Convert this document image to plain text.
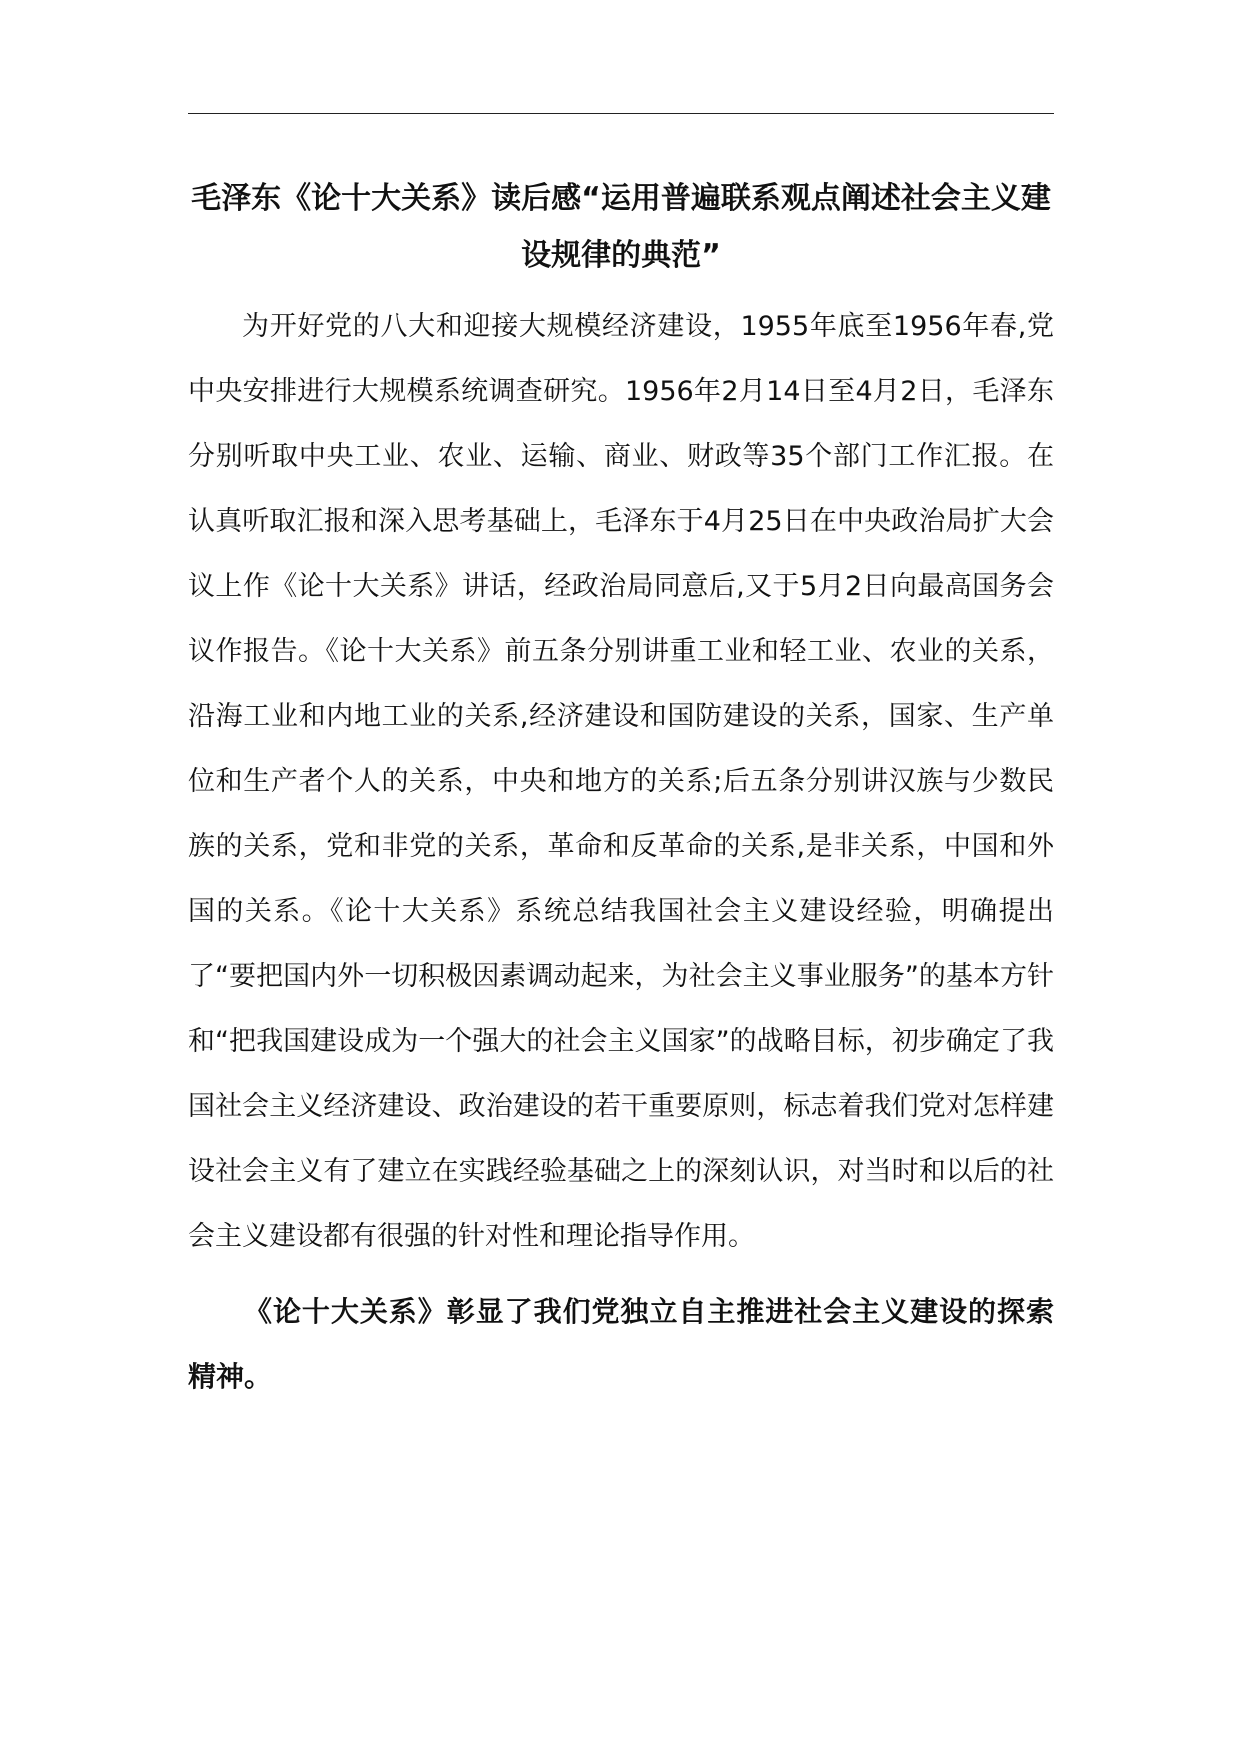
毛泽东《论十大关系》读后感“运用普遍联系观点阐述社会主义建设规律的典范”

为开好党的八大和迎接大规模经济建设，1955年底至1956年春,党中央安排进行大规模系统调查研究。1956年2月14日至4月2日，毛泽东分别听取中央工业、农业、运输、商业、财政等35个部门工作汇报。在认真听取汇报和深入思考基础上，毛泽东于4月25日在中央政治局扩大会议上作《论十大关系》讲话，经政治局同意后,又于5月2日向最高国务会议作报告。《论十大关系》前五条分别讲重工业和轻工业、农业的关系，沿海工业和内地工业的关系,经济建设和国防建设的关系，国家、生产单位和生产者个人的关系，中央和地方的关系;后五条分别讲汉族与少数民族的关系，党和非党的关系，革命和反革命的关系,是非关系，中国和外国的关系。《论十大关系》系统总结我国社会主义建设经验，明确提出了“要把国内外一切积极因素调动起来，为社会主义事业服务”的基本方针和“把我国建设成为一个强大的社会主义国家”的战略目标，初步确定了我国社会主义经济建设、政治建设的若干重要原则，标志着我们党对怎样建设社会主义有了建立在实践经验基础之上的深刻认识，对当时和以后的社会主义建设都有很强的针对性和理论指导作用。

《论十大关系》彰显了我们党独立自主推进社会主义建设的探索精神。
